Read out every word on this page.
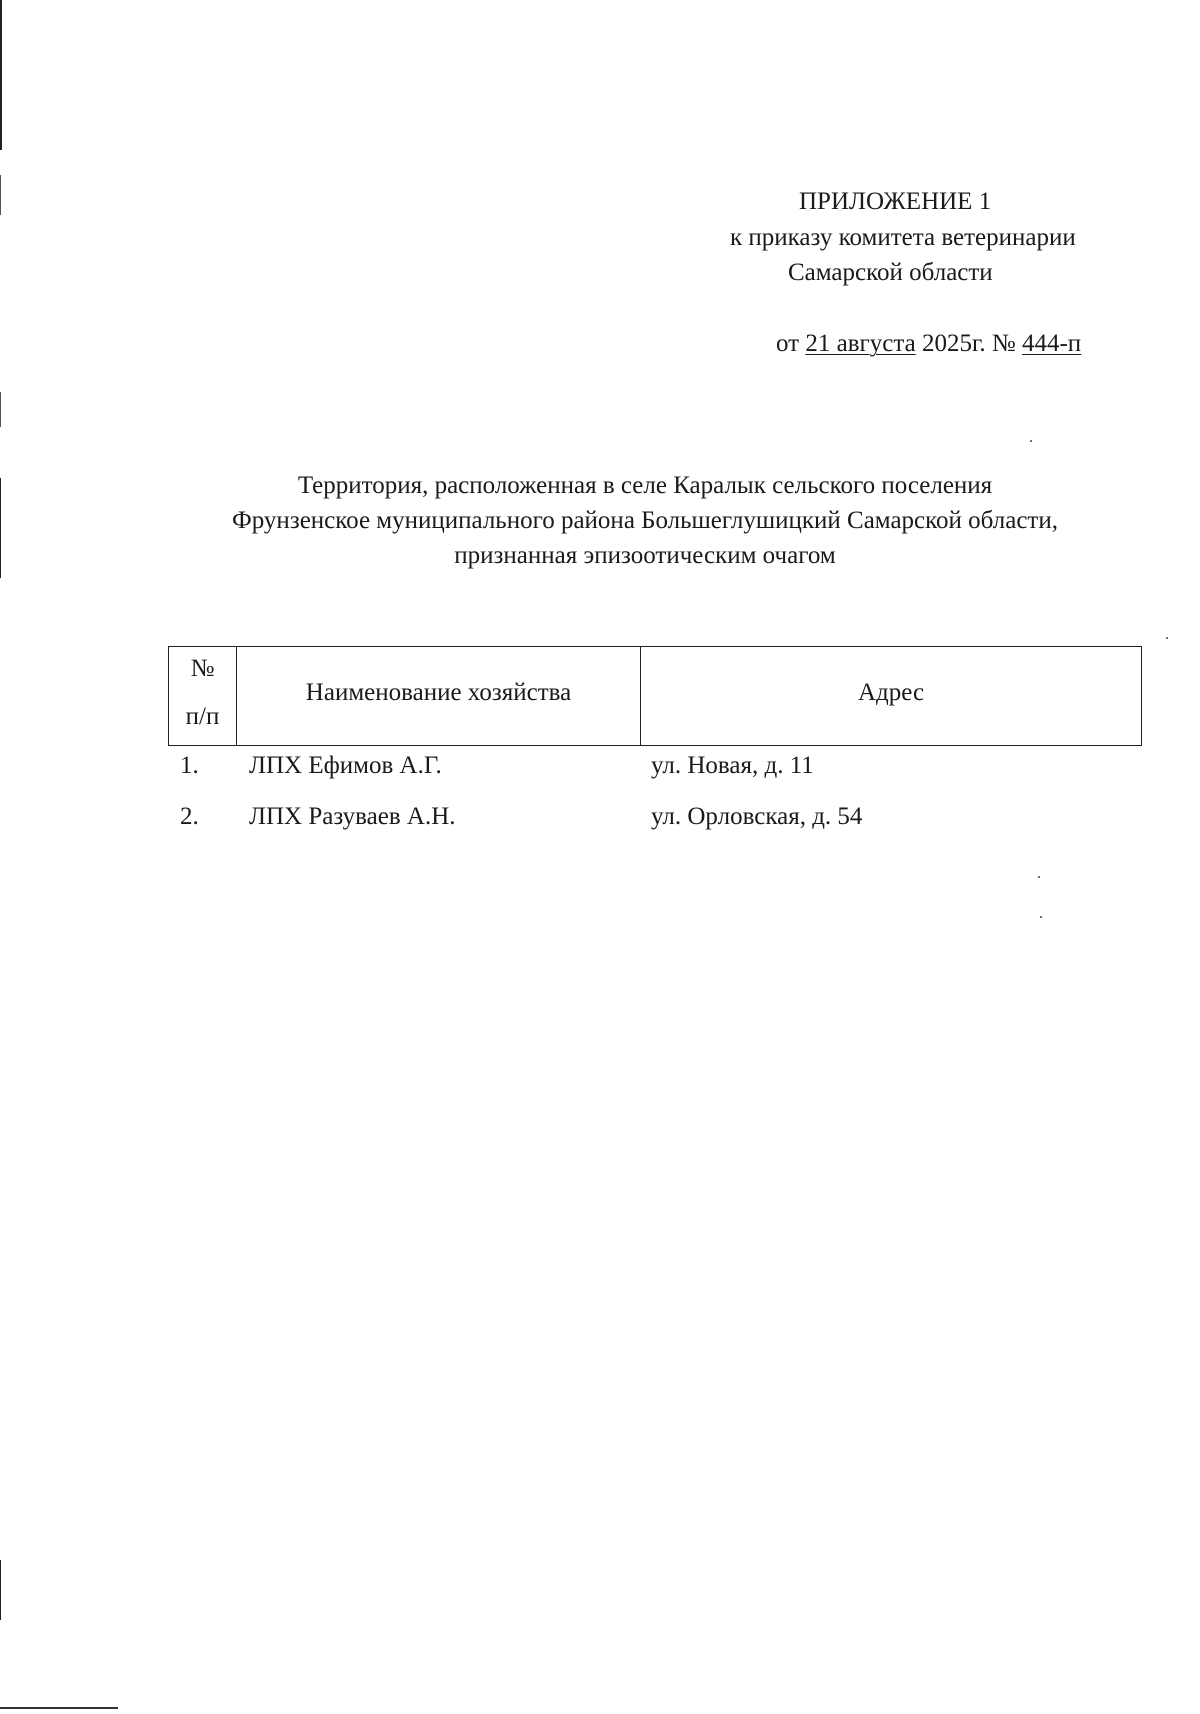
ПРИЛОЖЕНИЕ 1
к приказу комитета ветеринарии
Самарской области
от 21 августа 2025г. № 444-п
Территория, расположенная в селе Каралык сельского поселения
Фрунзенское муниципального района Большеглушицкий Самарской области,
признанная эпизоотическим очагом
№
п/п
Наименование хозяйства	Адрес
1. ЛПХ Ефимов А.Г.	ул. Новая, д. 11
2. ЛПХ Разуваев А.Н.	ул. Орловская, д. 54
